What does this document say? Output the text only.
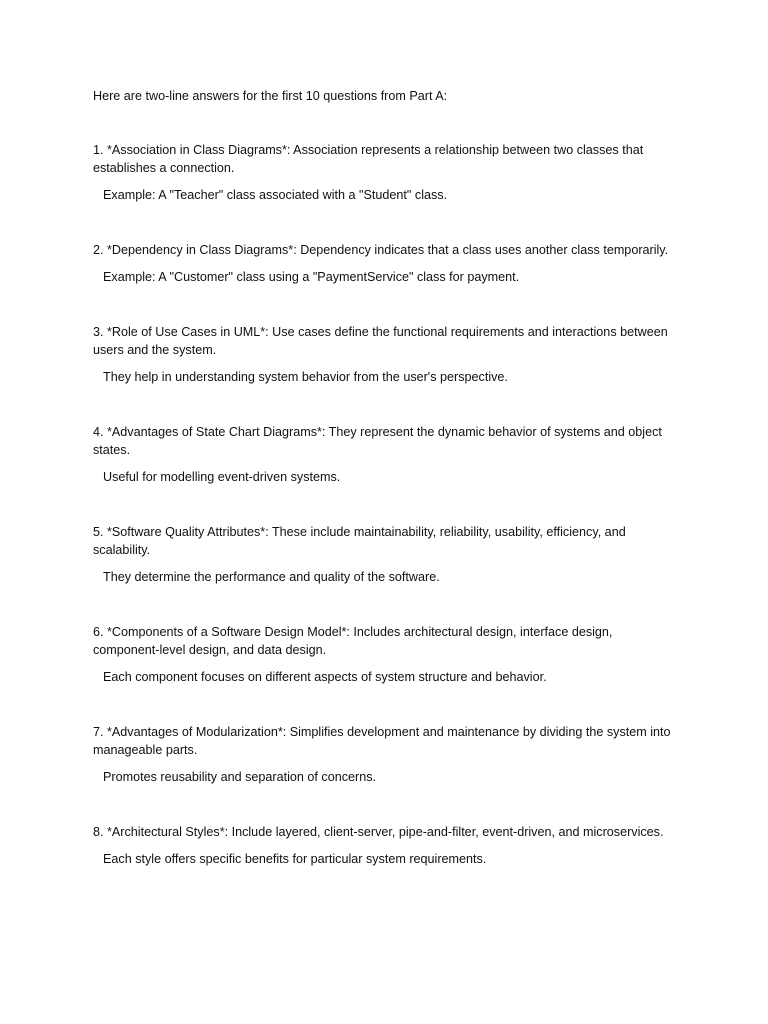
Here are two-line answers for the first 10 questions from Part A:

1. *Association in Class Diagrams*: Association represents a relationship between two classes that establishes a connection.

Example: A "Teacher" class associated with a "Student" class.

2. *Dependency in Class Diagrams*: Dependency indicates that a class uses another class temporarily.

Example: A "Customer" class using a "PaymentService" class for payment.

3. *Role of Use Cases in UML*: Use cases define the functional requirements and interactions between users and the system.

They help in understanding system behavior from the user's perspective.

4. *Advantages of State Chart Diagrams*: They represent the dynamic behavior of systems and object states.

Useful for modelling event-driven systems.

5. *Software Quality Attributes*: These include maintainability, reliability, usability, efficiency, and scalability.

They determine the performance and quality of the software.

6. *Components of a Software Design Model*: Includes architectural design, interface design, component-level design, and data design.

Each component focuses on different aspects of system structure and behavior.

7. *Advantages of Modularization*: Simplifies development and maintenance by dividing the system into manageable parts.

Promotes reusability and separation of concerns.

8. *Architectural Styles*: Include layered, client-server, pipe-and-filter, event-driven, and microservices.

Each style offers specific benefits for particular system requirements.
